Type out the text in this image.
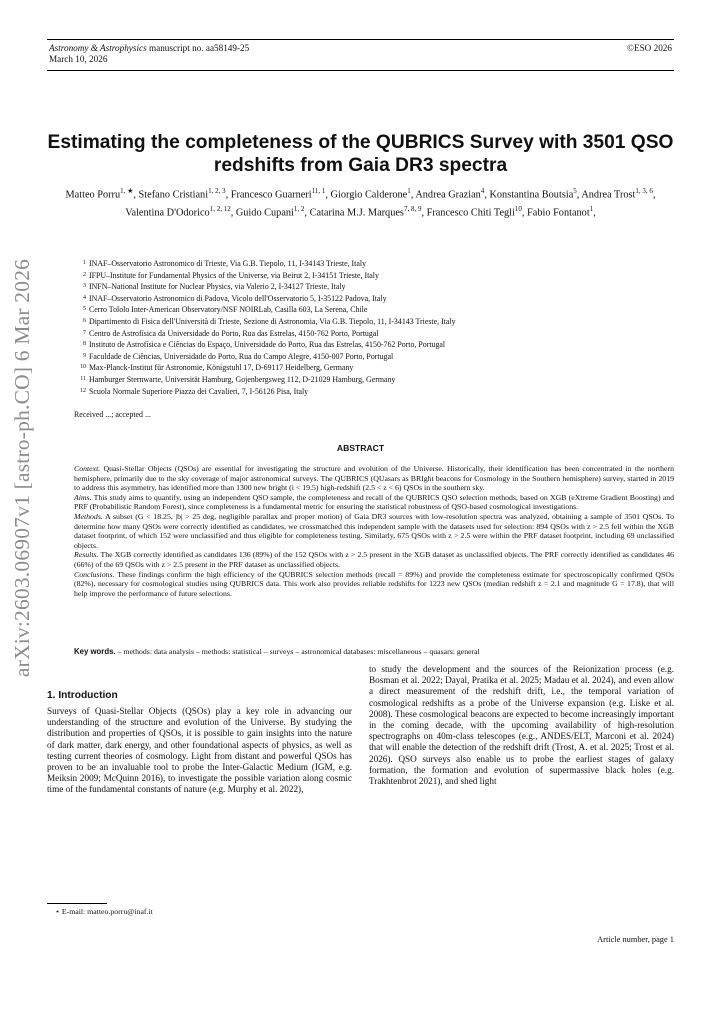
arXiv:2603.06907v1 [astro-ph.CO] 6 Mar 2026
Astronomy & Astrophysics manuscript no. aa58149-25
March 10, 2026
©ESO 2026
Estimating the completeness of the QUBRICS Survey with 3501 QSO redshifts from Gaia DR3 spectra
Matteo Porru$^{1, ★}$, Stefano Cristiani$^{1, 2, 3}$, Francesco Guarneri$^{11, 1}$, Giorgio Calderone$^1$, Andrea Grazian$^4$, Konstantina Boutsia$^5$, Andrea Trost$^{1, 3, 6}$, Valentina D'Odorico$^{1, 2, 12}$, Guido Cupani$^{1, 2}$, Catarina M.J. Marques$^{7, 8, 9}$, Francesco Chiti Tegli$^{10}$, Fabio Fontanot$^1$,
1 INAF–Osservatorio Astronomico di Trieste, Via G.B. Tiepolo, 11, I-34143 Trieste, Italy
2 IFPU–Institute for Fundamental Physics of the Universe, via Beirut 2, I-34151 Trieste, Italy
3 INFN–National Institute for Nuclear Physics, via Valerio 2, I-34127 Trieste, Italy
4 INAF–Osservatorio Astronomico di Padova, Vicolo dell'Osservatorio 5, I-35122 Padova, Italy
5 Cerro Tololo Inter-American Observatory/NSF NOIRLab, Casilla 603, La Serena, Chile
6 Dipartimento di Fisica dell'Università di Trieste, Sezione di Astronomia, Via G.B. Tiepolo, 11, I-34143 Trieste, Italy
7 Centro de Astrofísica da Universidade do Porto, Rua das Estrelas, 4150-762 Porto, Portugal
8 Instituto de Astrofísica e Ciências do Espaço, Universidade do Porto, Rua das Estrelas, 4150-762 Porto, Portugal
9 Faculdade de Ciências, Universidade do Porto, Rua do Campo Alegre, 4150-007 Porto, Portugal
10 Max-Planck-Institut für Astronomie, Königstuhl 17, D-69117 Heidelberg, Germany
11 Hamburger Sternwarte, Universität Hamburg, Gojenbergsweg 112, D-21029 Hamburg, Germany
12 Scuola Normale Superiore Piazza dei Cavalieri, 7, I-56126 Pisa, Italy
Received ...; accepted ...
ABSTRACT

Context. Quasi-Stellar Objects (QSOs) are essential for investigating the structure and evolution of the Universe. Historically, their identification has been concentrated in the northern hemisphere, primarily due to the sky coverage of major astronomical surveys. The QUBRICS (QUasars as BRIght beacons for Cosmology in the Southern hemisphere) survey, started in 2019 to address this asymmetry, has identified more than 1300 new bright (i < 19.5) high-redshift (2.5 < z < 6) QSOs in the southern sky.

Aims. This study aims to quantify, using an independent QSO sample, the completeness and recall of the QUBRICS QSO selection methods, based on XGB (eXtreme Gradient Boosting) and PRF (Probabilistic Random Forest), since completeness is a fundamental metric for ensuring the statistical robustness of QSO-based cosmological investigations.

Methods. A subset (G < 18.25, |b| > 25 deg, negligible parallax and proper motion) of Gaia DR3 sources with low-resolution spectra was analyzed, obtaining a sample of 3501 QSOs. To determine how many QSOs were correctly identified as candidates, we crossmatched this independent sample with the datasets used for selection: 894 QSOs with z > 2.5 fell within the XGB dataset footprint, of which 152 were unclassified and thus eligible for completeness testing. Similarly, 675 QSOs with z > 2.5 were within the PRF dataset footprint, including 69 unclassified objects.

Results. The XGB correctly identified as candidates 136 (89%) of the 152 QSOs with z > 2.5 present in the XGB dataset as unclassified objects. The PRF correctly identified as candidates 46 (66%) of the 69 QSOs with z > 2.5 present in the PRF dataset as unclassified objects.

Conclusions. These findings confirm the high efficiency of the QUBRICS selection methods (recall = 89%) and provide the completeness estimate for spectroscopically confirmed QSOs (82%), necessary for cosmological studies using QUBRICS data. This work also provides reliable redshifts for 1223 new QSOs (median redshift z = 2.1 and magnitude G = 17.8), that will help improve the performance of future selections.

Key words. – methods: data analysis – methods: statistical – surveys – astronomical databases: miscellaneous – quasars: general
1. Introduction

Surveys of Quasi-Stellar Objects (QSOs) play a key role in advancing our understanding of the structure and evolution of the Universe. By studying the distribution and properties of QSOs, it is possible to gain insights into the nature of dark matter, dark energy, and other foundational aspects of physics, as well as testing current theories of cosmology. Light from distant and powerful QSOs has proven to be an invaluable tool to probe the Inter-Galactic Medium (IGM, e.g. Meiksin 2009; McQuinn 2016), to investigate the possible variation along cosmic time of the fundamental constants of nature (e.g. Murphy et al. 2022),

to study the development and the sources of the Reionization process (e.g. Bosman et al. 2022; Dayal, Pratika et al. 2025; Madau et al. 2024), and even allow a direct measurement of the redshift drift, i.e., the temporal variation of cosmological redshifts as a probe of the Universe expansion (e.g. Liske et al. 2008). These cosmological beacons are expected to become increasingly important in the coming decade, with the upcoming availability of high-resolution spectrographs on 40m-class telescopes (e.g., ANDES/ELT, Marconi et al. 2024) that will enable the detection of the redshift drift (Trost, A. et al. 2025; Trost et al. 2026). QSO surveys also enable us to probe the earliest stages of galaxy formation, the formation and evolution of supermassive black holes (e.g. Trakhtenbrot 2021), and shed light

⋆ E-mail: matteo.porru@inaf.it
Article number, page 1
